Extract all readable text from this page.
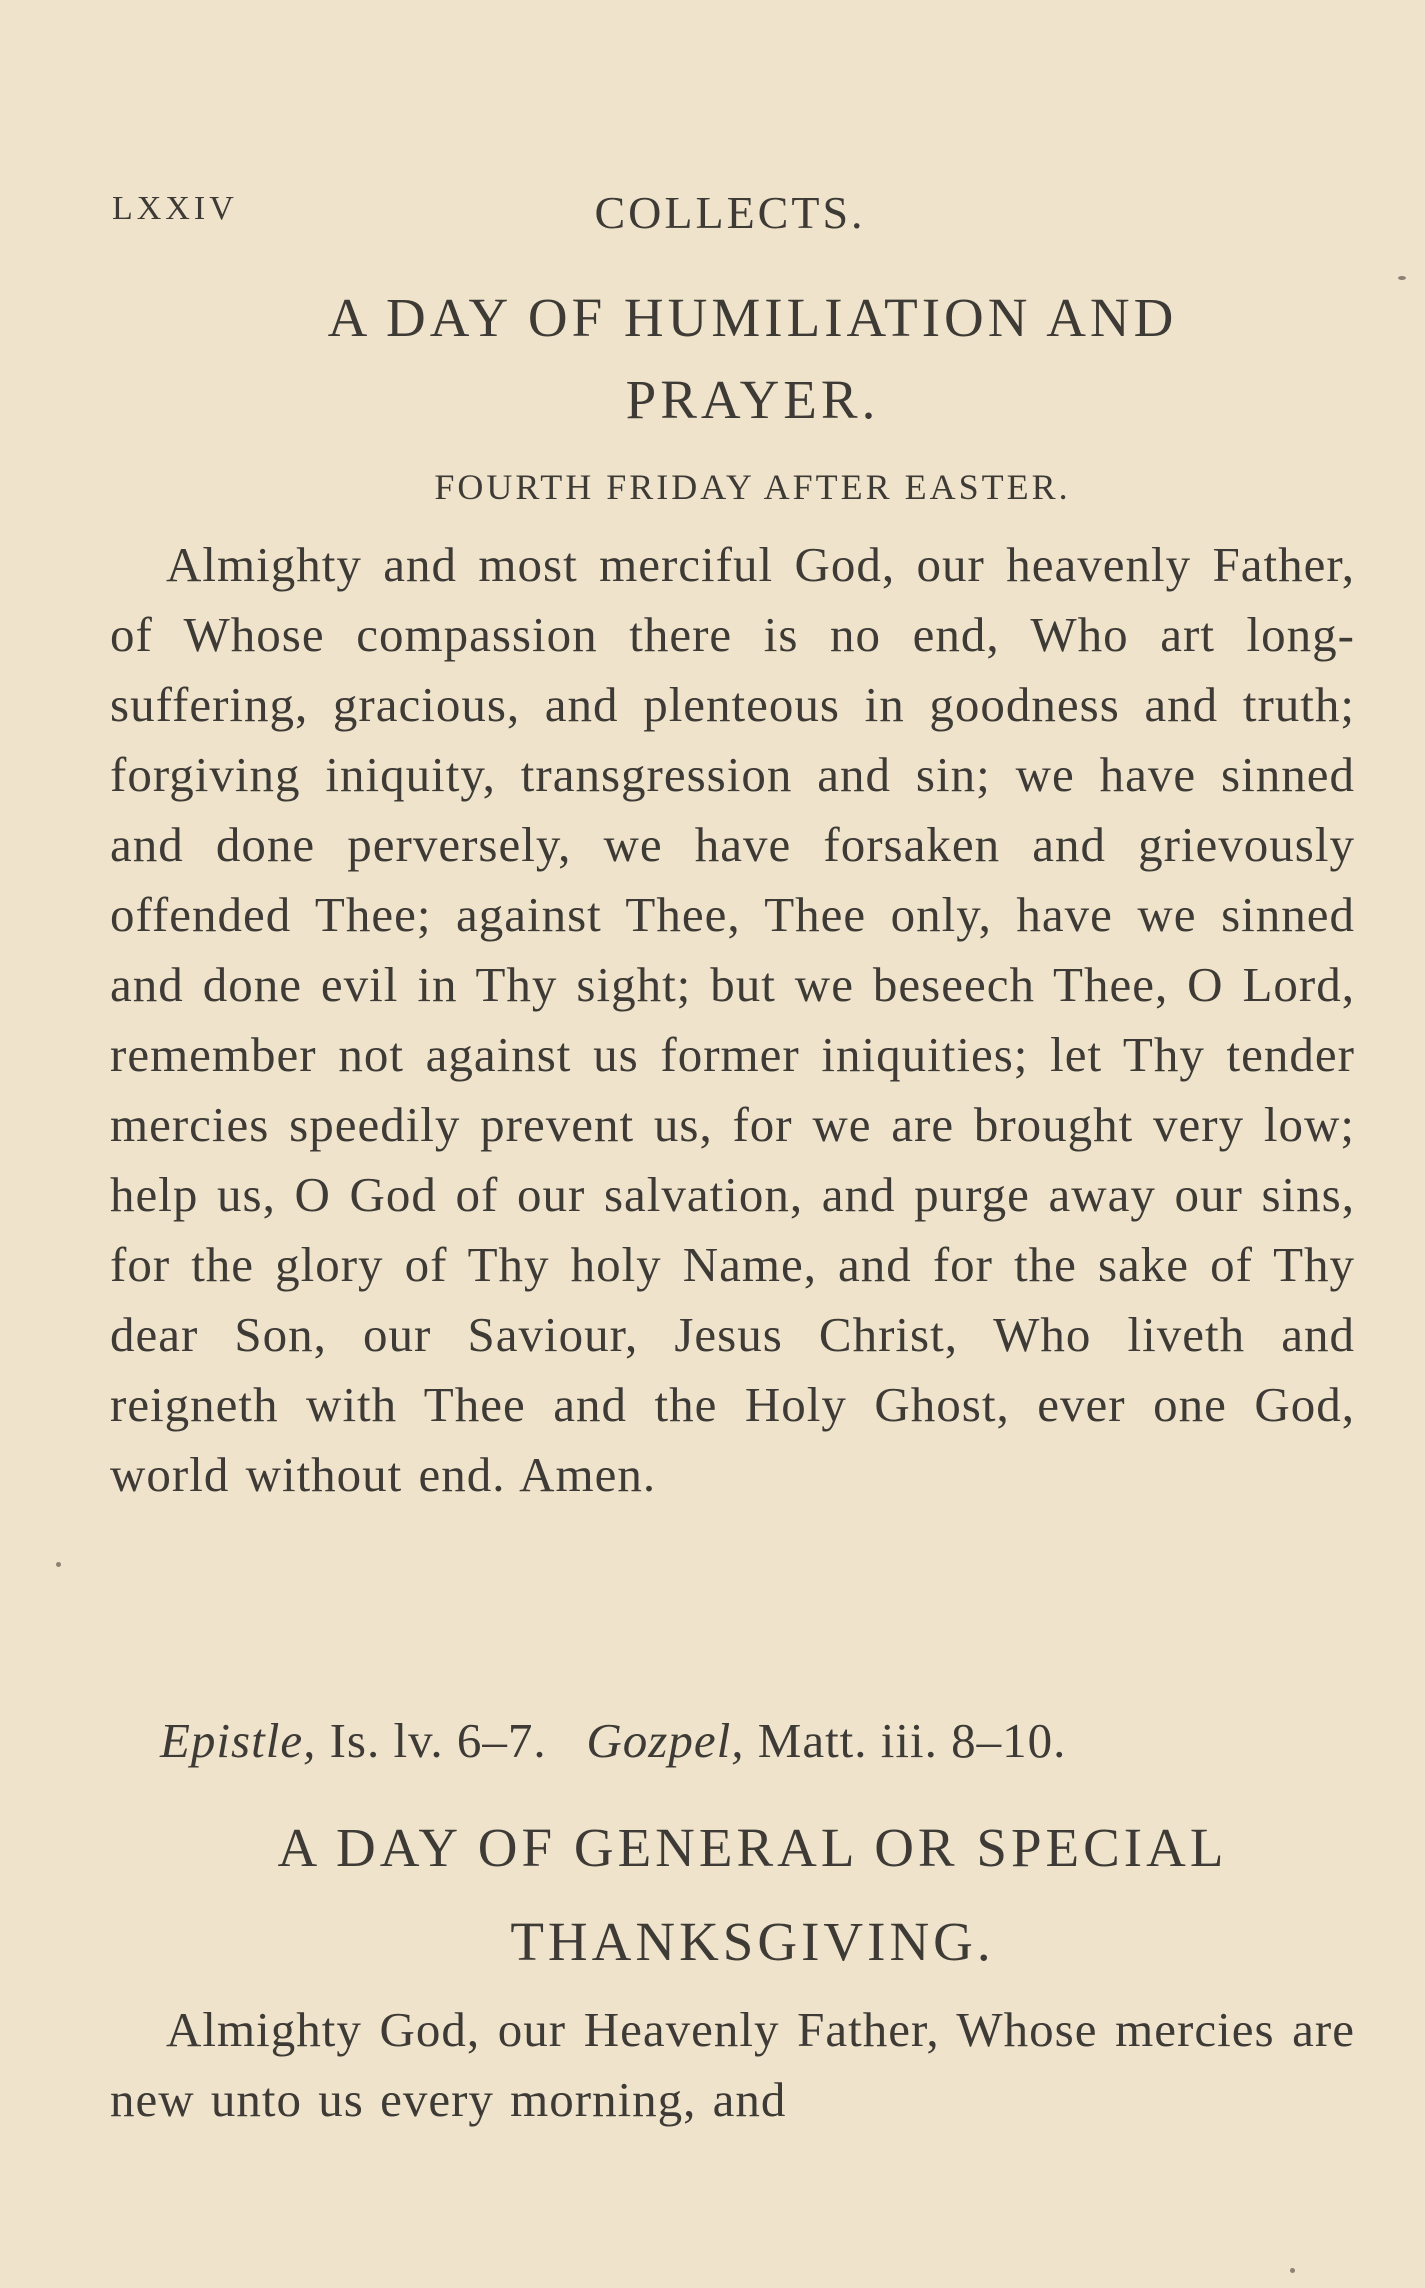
LXXIV	COLLECTS.
A DAY OF HUMILIATION AND
PRAYER.
FOURTH FRIDAY AFTER EASTER.

Almighty and most merciful God, our heavenly Father, of Whose compassion there is no end, Who art long-suffering, gracious, and plenteous in goodness and truth; forgiving iniquity, transgression and sin; we have sinned and done perversely, we have forsaken and grievously offended Thee; against Thee, Thee only, have we sinned and done evil in Thy sight; but we beseech Thee, O Lord, remember not against us former iniquities; let Thy tender mercies speedily prevent us, for we are brought very low; help us, O God of our salvation, and purge away our sins, for the glory of Thy holy Name, and for the sake of Thy dear Son, our Saviour, Jesus Christ, Who liveth and reigneth with Thee and the Holy Ghost, ever one God, world without end. Amen.

Epistle, Is. lv. 6–7. Gozpel, Matt. iii. 8–10.
A DAY OF GENERAL OR SPECIAL
THANKSGIVING.

Almighty God, our Heavenly Father, Whose mercies are new unto us every morning, and
